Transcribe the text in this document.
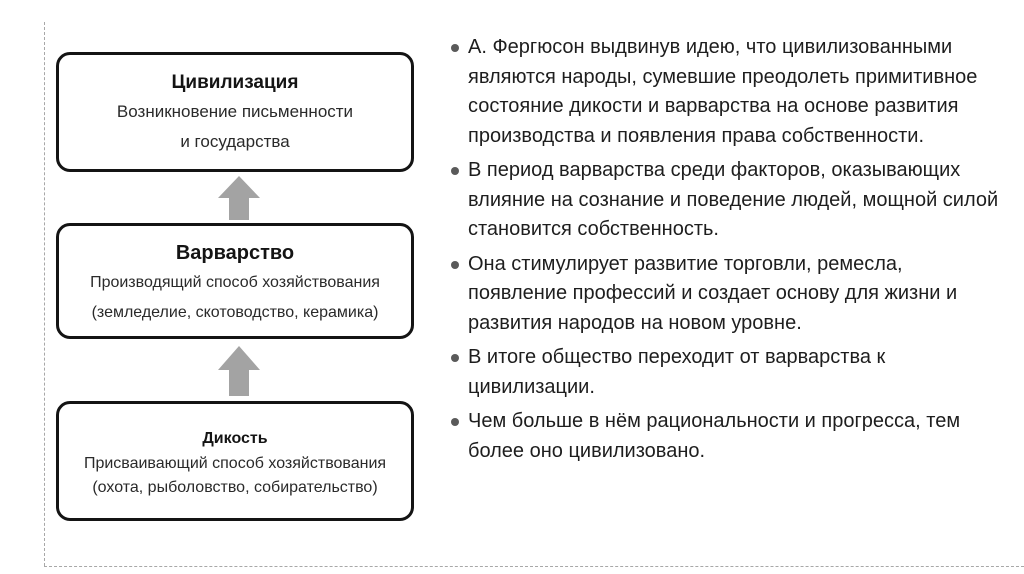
Цивилизация
Возникновение письменности
и государства
Варварство
Производящий способ хозяйствования
(земледелие, скотоводство, керамика)
Дикость
Присваивающий способ хозяйствования
(охота, рыболовство, собирательство)
А. Фергюсон выдвинув идею, что цивилизованными являются народы, сумевшие преодолеть примитивное состояние дикости и варварства на основе развития производства и появления права собственности.
В период варварства среди факторов, оказывающих влияние на сознание и поведение людей, мощной силой становится собственность.
Она стимулирует развитие торговли, ремесла, появление профессий и создает основу для жизни и развития народов на новом уровне.
В итоге общество переходит от варварства к цивилизации.
Чем больше в нём рациональности и прогресса, тем более оно цивилизовано.
